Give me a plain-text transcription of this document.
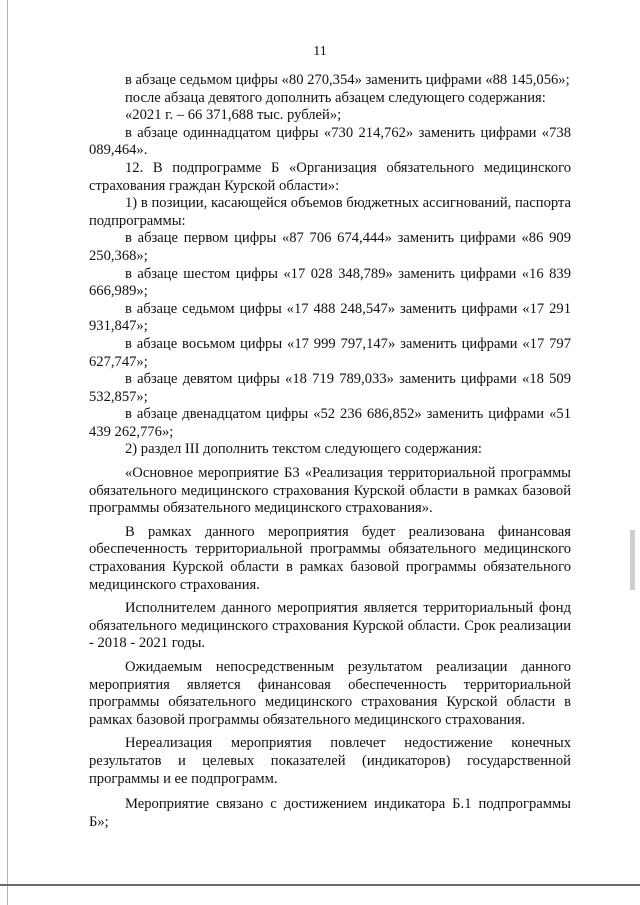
11

в абзаце седьмом цифры «80 270,354» заменить цифрами «88 145,056»;

после абзаца девятого дополнить абзацем следующего содержания:

«2021 г. – 66 371,688 тыс. рублей»;

в абзаце одиннадцатом цифры «730 214,762» заменить цифрами «738 089,464».

12. В подпрограмме Б «Организация обязательного медицинского страхования граждан Курской области»:

1) в позиции, касающейся объемов бюджетных ассигнований, паспорта подпрограммы:

в абзаце первом цифры «87 706 674,444» заменить цифрами «86 909 250,368»;

в абзаце шестом цифры «17 028 348,789» заменить цифрами «16 839 666,989»;

в абзаце седьмом цифры «17 488 248,547» заменить цифрами «17 291 931,847»;

в абзаце восьмом цифры «17 999 797,147» заменить цифрами «17 797 627,747»;

в абзаце девятом цифры «18 719 789,033» заменить цифрами «18 509 532,857»;

в абзаце двенадцатом цифры «52 236 686,852» заменить цифрами «51 439 262,776»;

2) раздел III дополнить текстом следующего содержания:

«Основное мероприятие Б3 «Реализация территориальной программы обязательного медицинского страхования Курской области в рамках базовой программы обязательного медицинского страхования».

В рамках данного мероприятия будет реализована финансовая обеспеченность территориальной программы обязательного медицинского страхования Курской области в рамках базовой программы обязательного медицинского страхования.

Исполнителем данного мероприятия является территориальный фонд обязательного медицинского страхования Курской области. Срок реализации - 2018 - 2021 годы.

Ожидаемым непосредственным результатом реализации данного мероприятия является финансовая обеспеченность территориальной программы обязательного медицинского страхования Курской области в рамках базовой программы обязательного медицинского страхования.

Нереализация мероприятия повлечет недостижение конечных результатов и целевых показателей (индикаторов) государственной программы и ее подпрограмм.

Мероприятие связано с достижением индикатора Б.1 подпрограммы Б»;
